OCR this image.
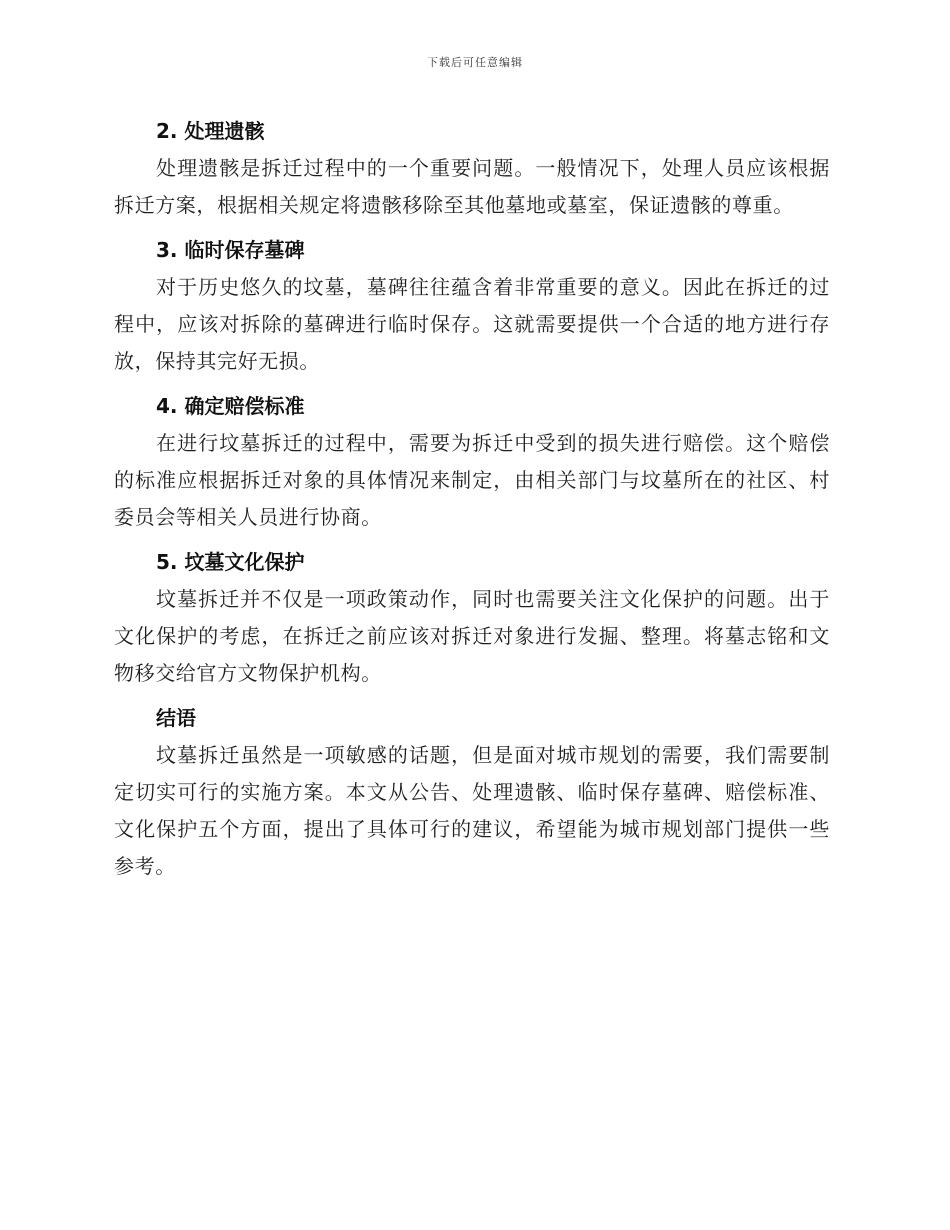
下载后可任意编辑
2. 处理遗骸

处理遗骸是拆迁过程中的一个重要问题。一般情况下，处理人员应该根据拆迁方案，根据相关规定将遗骸移除至其他墓地或墓室，保证遗骸的尊重。

3. 临时保存墓碑

对于历史悠久的坟墓，墓碑往往蕴含着非常重要的意义。因此在拆迁的过程中，应该对拆除的墓碑进行临时保存。这就需要提供一个合适的地方进行存放，保持其完好无损。

4. 确定赔偿标准

在进行坟墓拆迁的过程中，需要为拆迁中受到的损失进行赔偿。这个赔偿的标准应根据拆迁对象的具体情况来制定，由相关部门与坟墓所在的社区、村委员会等相关人员进行协商。

5. 坟墓文化保护

坟墓拆迁并不仅是一项政策动作，同时也需要关注文化保护的问题。出于文化保护的考虑，在拆迁之前应该对拆迁对象进行发掘、整理。将墓志铭和文物移交给官方文物保护机构。

结语

坟墓拆迁虽然是一项敏感的话题，但是面对城市规划的需要，我们需要制定切实可行的实施方案。本文从公告、处理遗骸、临时保存墓碑、赔偿标准、文化保护五个方面，提出了具体可行的建议，希望能为城市规划部门提供一些参考。
